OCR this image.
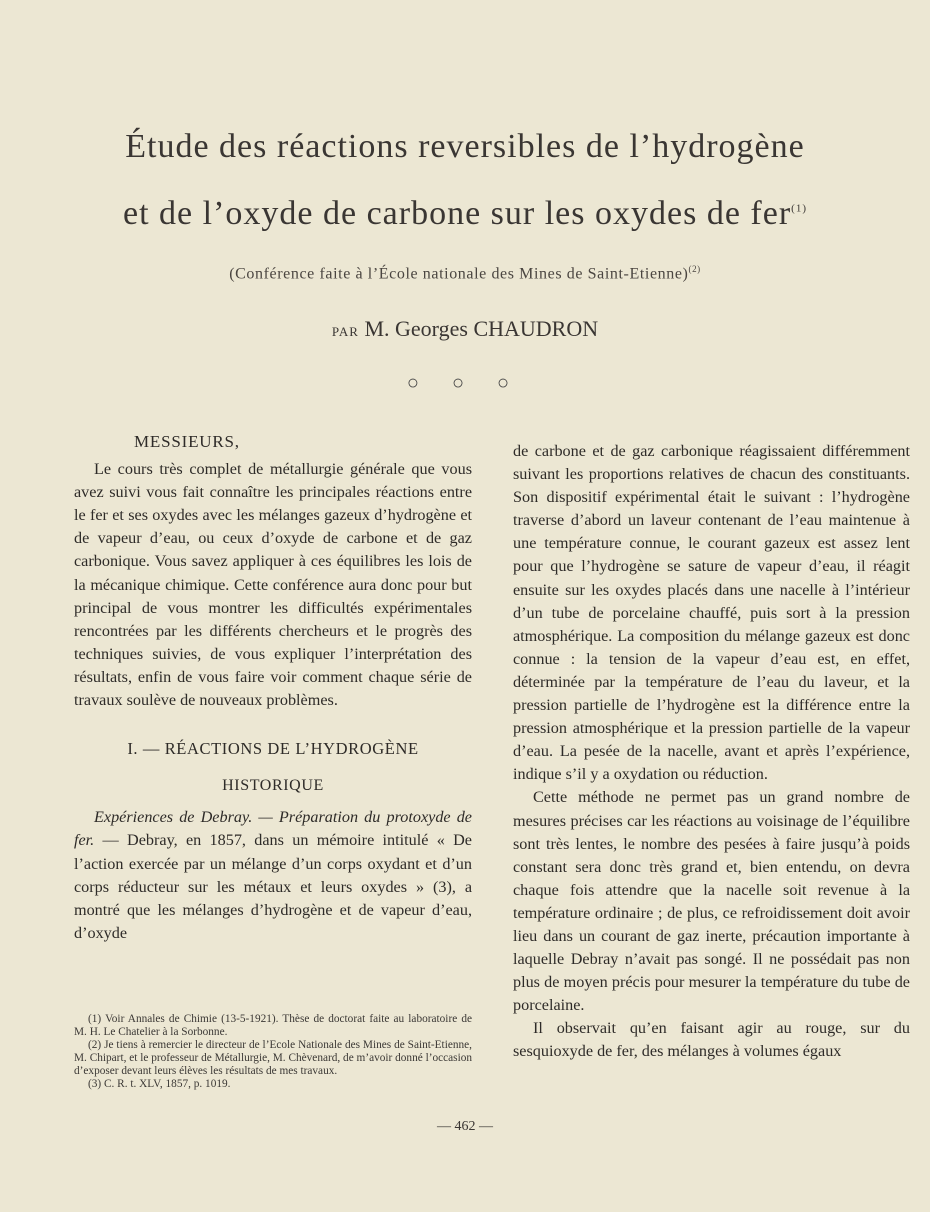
Étude des réactions reversibles de l’hydrogène
et de l’oxyde de carbone sur les oxydes de fer$^{(1)}$
(Conférence faite à l’École nationale des Mines de Saint-Etienne)$^{(2)}$
PAR M. Georges CHAUDRON
○ ○ ○

MESSIEURS,

Le cours très complet de métallurgie générale que vous avez suivi vous fait connaître les principales réactions entre le fer et ses oxydes avec les mélanges gazeux d’hydrogène et de vapeur d’eau, ou ceux d’oxyde de carbone et de gaz carbonique. Vous savez appliquer à ces équilibres les lois de la mécanique chimique. Cette conférence aura donc pour but principal de vous montrer les difficultés expérimentales rencontrées par les différents chercheurs et le progrès des techniques suivies, de vous expliquer l’interprétation des résultats, enfin de vous faire voir comment chaque série de travaux soulève de nouveaux problèmes.

I. — RÉACTIONS DE L’HYDROGÈNE

HISTORIQUE

Expériences de Debray. — Préparation du protoxyde de fer. — Debray, en 1857, dans un mémoire intitulé « De l’action exercée par un mélange d’un corps oxydant et d’un corps réducteur sur les métaux et leurs oxydes » (3), a montré que les mélanges d’hydrogène et de vapeur d’eau, d’oxyde

(1) Voir Annales de Chimie (13-5-1921). Thèse de doctorat faite au laboratoire de M. H. Le Chatelier à la Sorbonne.

(2) Je tiens à remercier le directeur de l’Ecole Nationale des Mines de Saint-Etienne, M. Chipart, et le professeur de Métallurgie, M. Chèvenard, de m’avoir donné l’occasion d’exposer devant leurs élèves les résultats de mes travaux.

(3) C. R. t. XLV, 1857, p. 1019.

de carbone et de gaz carbonique réagissaient différemment suivant les proportions relatives de chacun des constituants. Son dispositif expérimental était le suivant : l’hydrogène traverse d’abord un laveur contenant de l’eau maintenue à une température connue, le courant gazeux est assez lent pour que l’hydrogène se sature de vapeur d’eau, il réagit ensuite sur les oxydes placés dans une nacelle à l’intérieur d’un tube de porcelaine chauffé, puis sort à la pression atmosphérique. La composition du mélange gazeux est donc connue : la tension de la vapeur d’eau est, en effet, déterminée par la température de l’eau du laveur, et la pression partielle de l’hydrogène est la différence entre la pression atmosphérique et la pression partielle de la vapeur d’eau. La pesée de la nacelle, avant et après l’expérience, indique s’il y a oxydation ou réduction.

Cette méthode ne permet pas un grand nombre de mesures précises car les réactions au voisinage de l’équilibre sont très lentes, le nombre des pesées à faire jusqu’à poids constant sera donc très grand et, bien entendu, on devra chaque fois attendre que la nacelle soit revenue à la température ordinaire ; de plus, ce refroidissement doit avoir lieu dans un courant de gaz inerte, précaution importante à laquelle Debray n’avait pas songé. Il ne possédait pas non plus de moyen précis pour mesurer la température du tube de porcelaine.

Il observait qu’en faisant agir au rouge, sur du sesquioxyde de fer, des mélanges à volumes égaux

— 462 —
